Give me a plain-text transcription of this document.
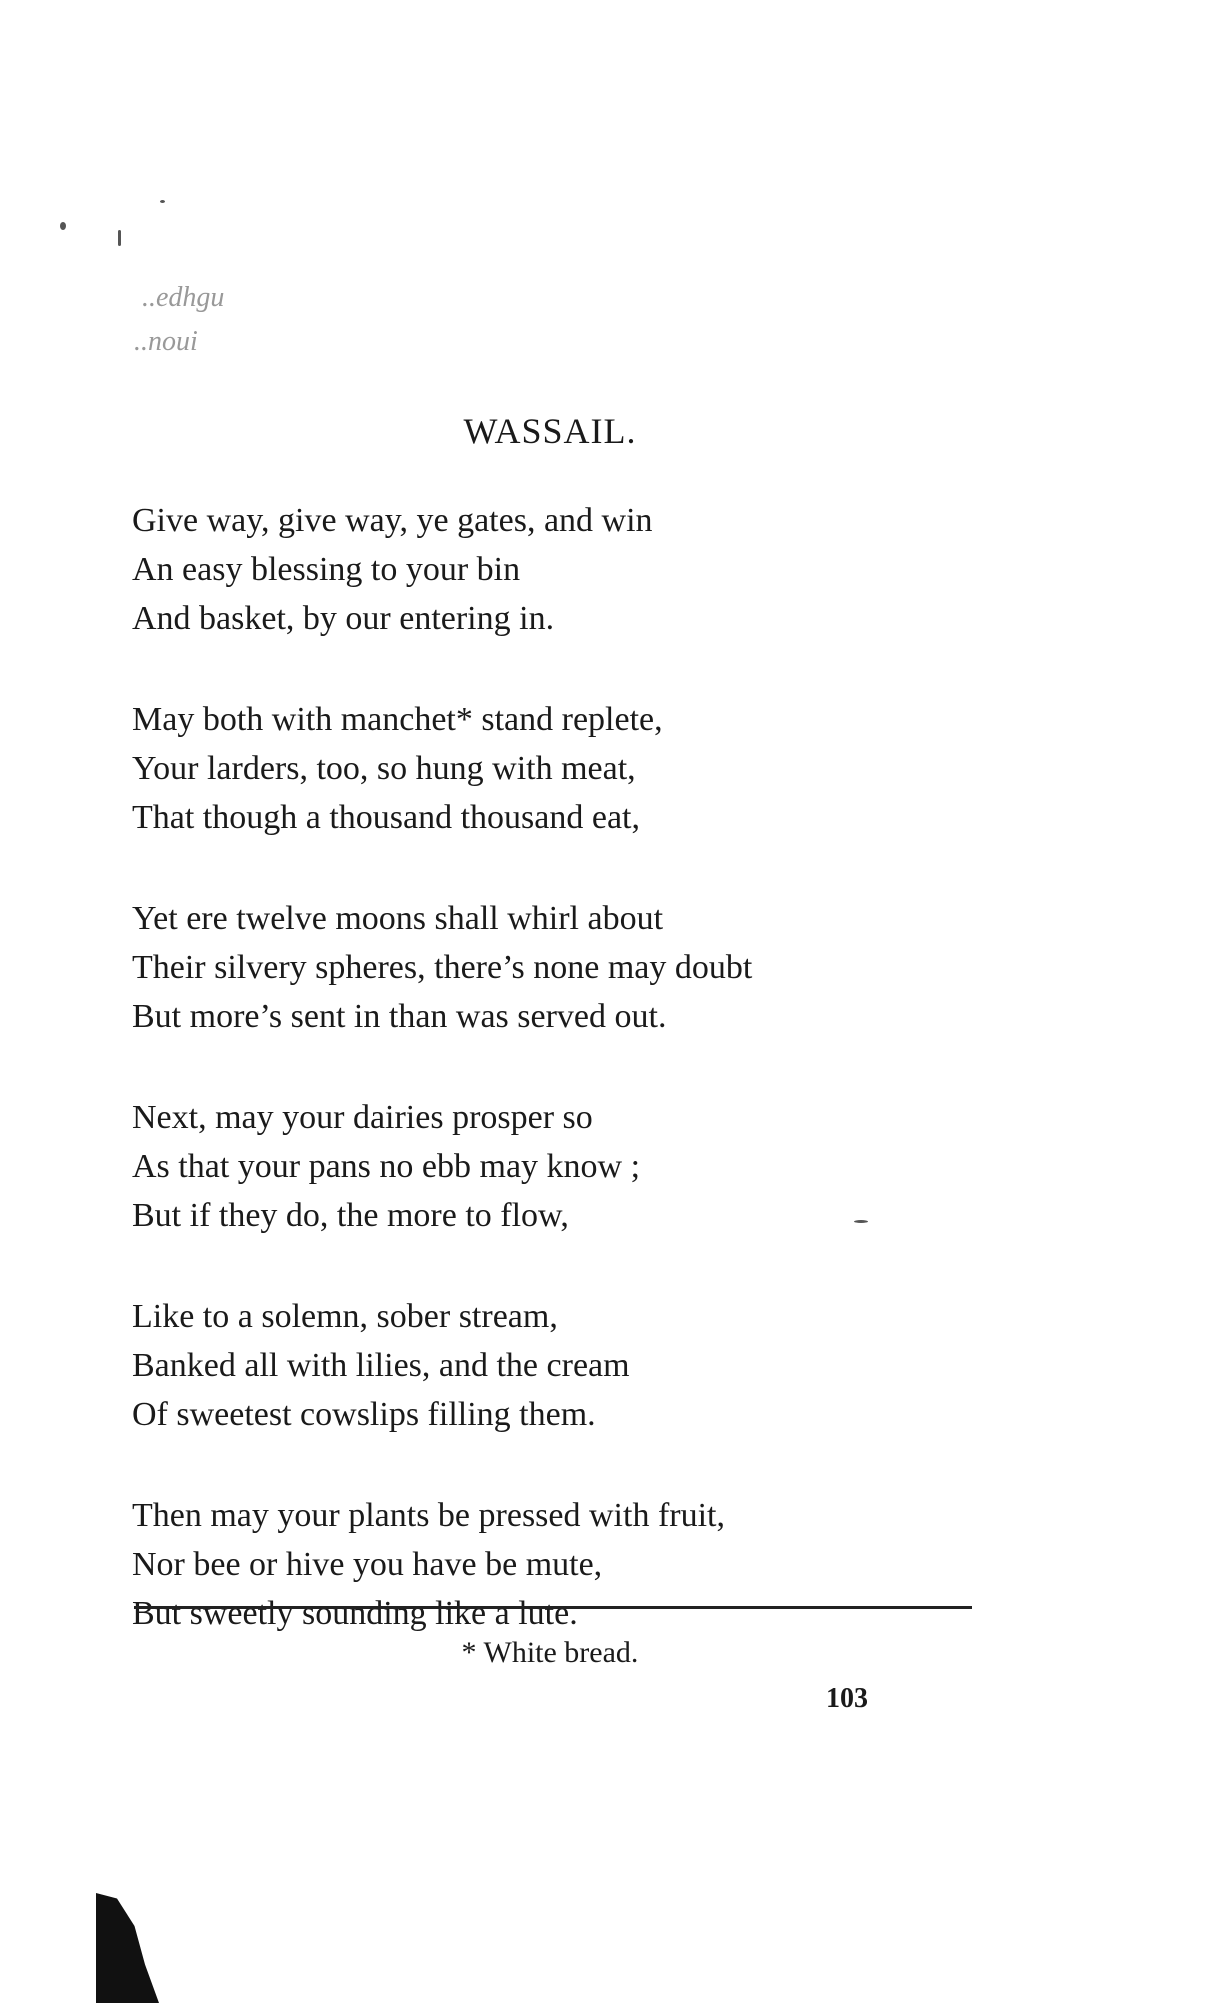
..edhgu
..noui
WASSAIL.
Give way, give way, ye gates, and win
An easy blessing to your bin
And basket, by our entering in.
May both with manchet* stand replete,
Your larders, too, so hung with meat,
That though a thousand thousand eat,
Yet ere twelve moons shall whirl about
Their silvery spheres, there’s none may doubt
But more’s sent in than was served out.
Next, may your dairies prosper so
As that your pans no ebb may know ;
But if they do, the more to flow,
Like to a solemn, sober stream,
Banked all with lilies, and the cream
Of sweetest cowslips filling them.
Then may your plants be pressed with fruit,
Nor bee or hive you have be mute,
But sweetly sounding like a lute.
* White bread.
103
